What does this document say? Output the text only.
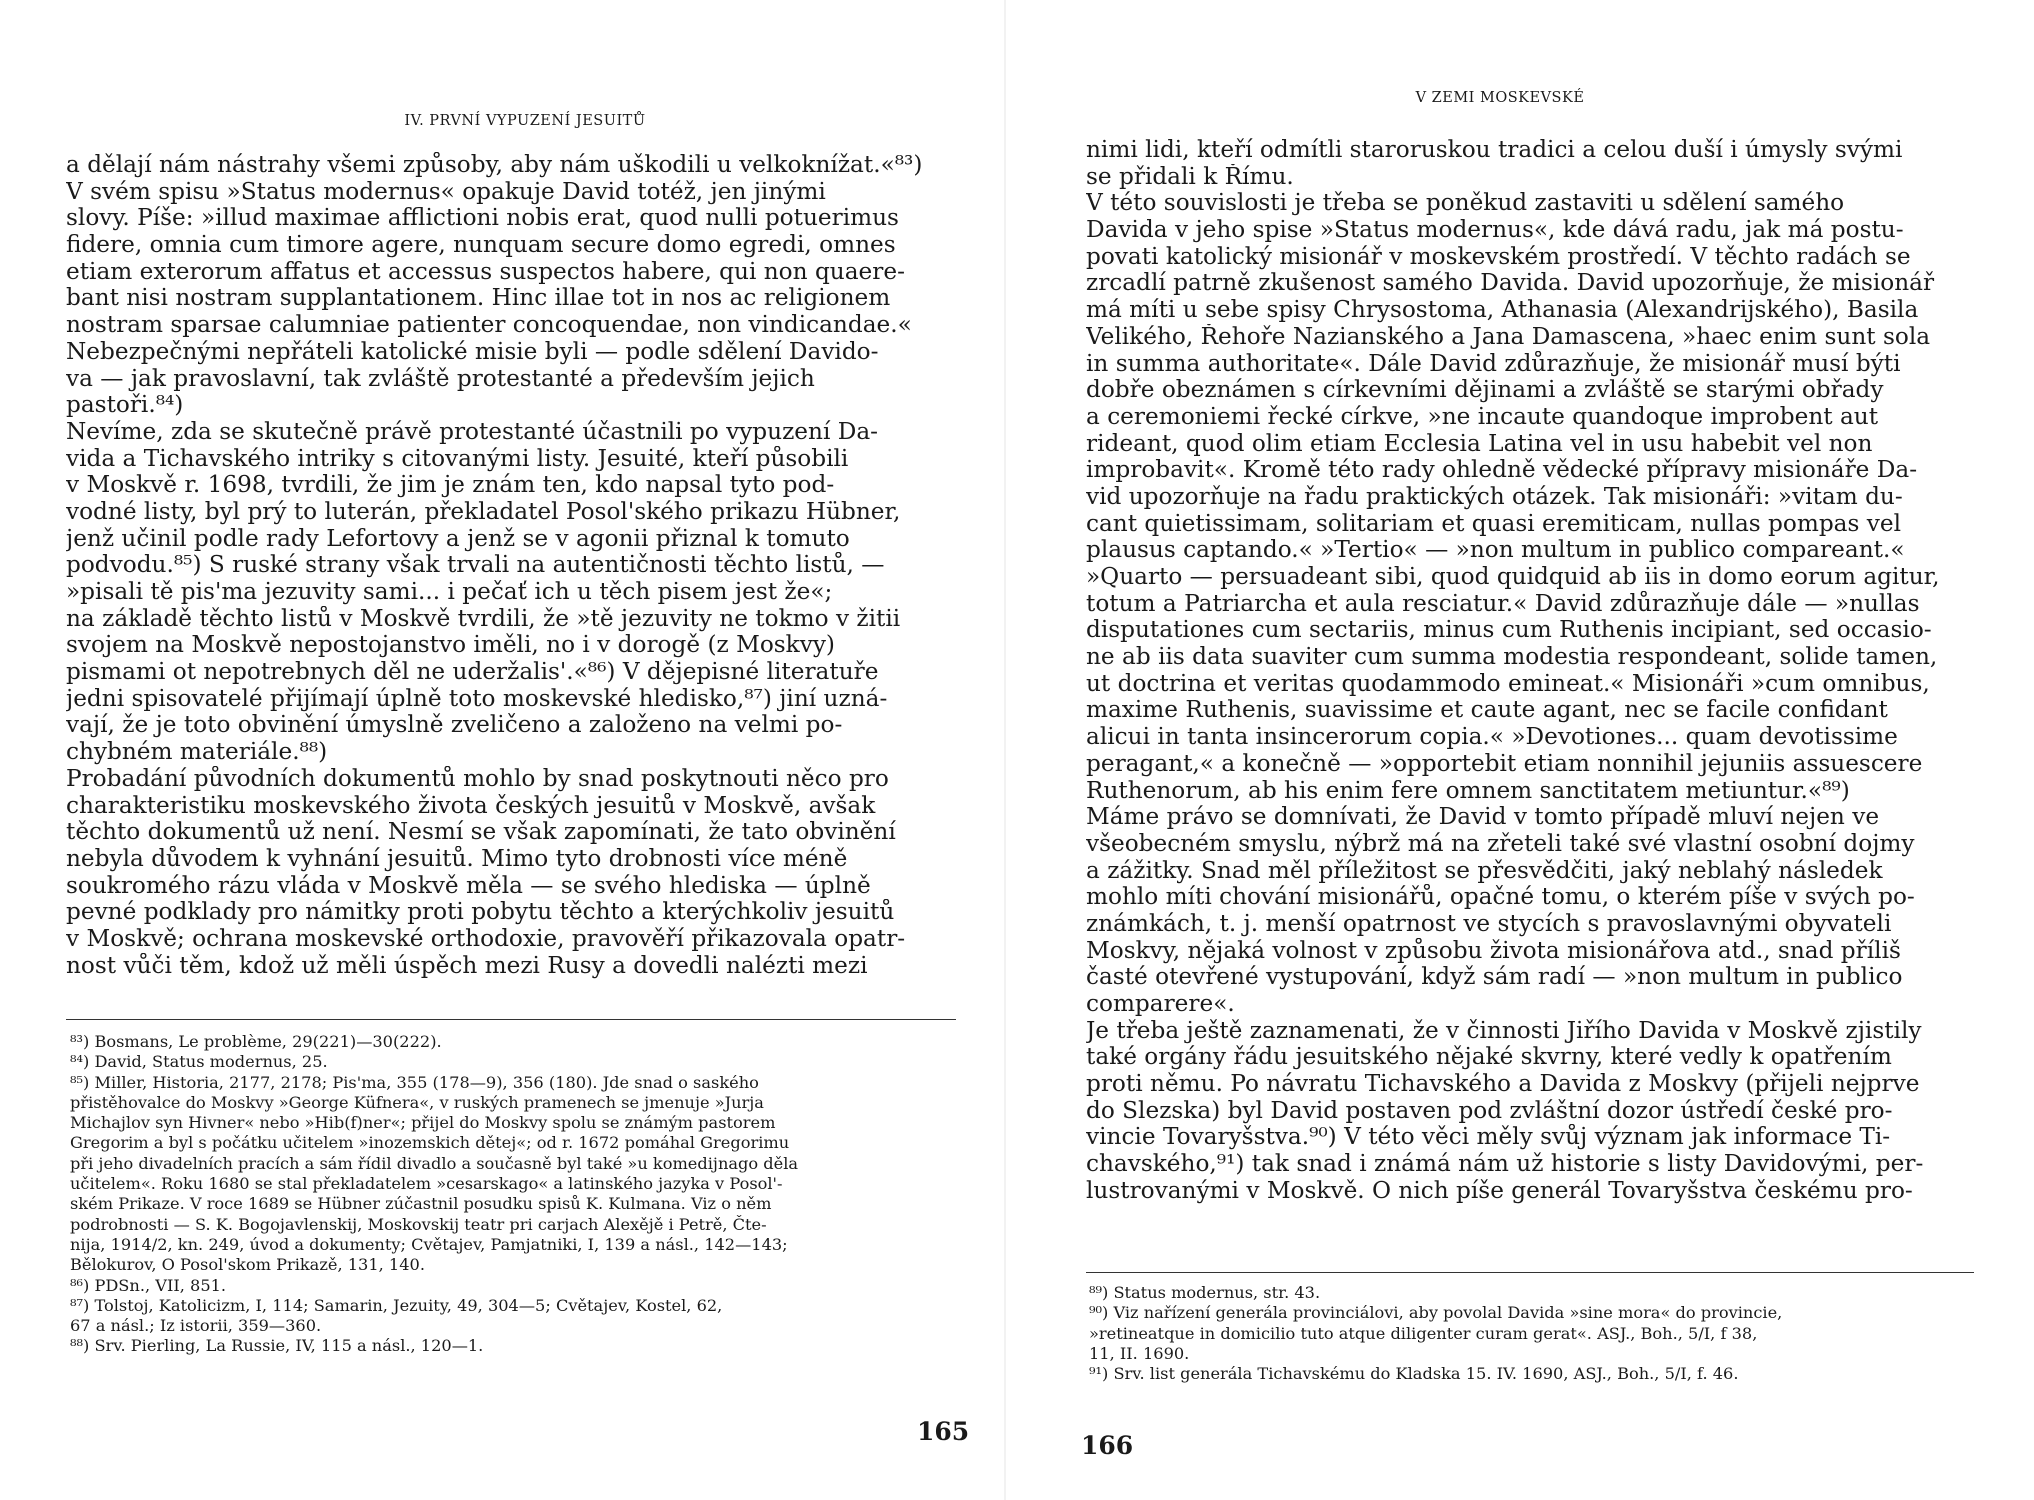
IV. PRVNÍ VYPUZENÍ JESUITŮ
a dělají nám nástrahy všemi způsoby, aby nám uškodili u velkoknížat.«⁸³)
V svém spisu »Status modernus« opakuje David totéž, jen jinými
slovy. Píše: »illud maximae afflictioni nobis erat, quod nulli potuerimus
fidere, omnia cum timore agere, nunquam secure domo egredi, omnes
etiam exterorum affatus et accessus suspectos habere, qui non quaere-
bant nisi nostram supplantationem. Hinc illae tot in nos ac religionem
nostram sparsae calumniae patienter concoquendae, non vindicandae.«
Nebezpečnými nepřáteli katolické misie byli — podle sdělení Davido-
va — jak pravoslavní, tak zvláště protestanté a především jejich
pastoři.⁸⁴)
Nevíme, zda se skutečně právě protestanté účastnili po vypuzení Da-
vida a Tichavského intriky s citovanými listy. Jesuité, kteří působili
v Moskvě r. 1698, tvrdili, že jim je znám ten, kdo napsal tyto pod-
vodné listy, byl prý to luterán, překladatel Posol'ského prikazu Hübner,
jenž učinil podle rady Lefortovy a jenž se v agonii přiznal k tomuto
podvodu.⁸⁵) S ruské strany však trvali na autentičnosti těchto listů, —
»pisali tě pis'ma jezuvity sami... i pečať ich u těch pisem jest že«;
na základě těchto listů v Moskvě tvrdili, že »tě jezuvity ne tokmo v žitii
svojem na Moskvě nepostojanstvo iměli, no i v dorogě (z Moskvy)
pismami ot nepotrebnych děl ne uderžalis'.«⁸⁶) V dějepisné literatuře
jedni spisovatelé přijímají úplně toto moskevské hledisko,⁸⁷) jiní uzná-
vají, že je toto obvinění úmyslně zveličeno a založeno na velmi po-
chybném materiále.⁸⁸)
Probadání původních dokumentů mohlo by snad poskytnouti něco pro
charakteristiku moskevského života českých jesuitů v Moskvě, avšak
těchto dokumentů už není. Nesmí se však zapomínati, že tato obvinění
nebyla důvodem k vyhnání jesuitů. Mimo tyto drobnosti více méně
soukromého rázu vláda v Moskvě měla — se svého hlediska — úplně
pevné podklady pro námitky proti pobytu těchto a kterýchkoliv jesuitů
v Moskvě; ochrana moskevské orthodoxie, pravověří přikazovala opatr-
nost vůči těm, kdož už měli úspěch mezi Rusy a dovedli nalézti mezi
⁸³) Bosmans, Le problème, 29(221)—30(222).
⁸⁴) David, Status modernus, 25.
⁸⁵) Miller, Historia, 2177, 2178; Pis'ma, 355 (178—9), 356 (180). Jde snad o saského
přistěhovalce do Moskvy »George Küfnera«, v ruských pramenech se jmenuje »Jurja
Michajlov syn Hivner« nebo »Hib(f)ner«; přijel do Moskvy spolu se známým pastorem
Gregorim a byl s počátku učitelem »inozemskich dětej«; od r. 1672 pomáhal Gregorimu
při jeho divadelních pracích a sám řídil divadlo a současně byl také »u komedijnago děla
učitelem«. Roku 1680 se stal překladatelem »cesarskago« a latinského jazyka v Posol'-
ském Prikaze. V roce 1689 se Hübner zúčastnil posudku spisů K. Kulmana. Viz o něm
podrobnosti — S. K. Bogojavlenskij, Moskovskij teatr pri carjach Alexějě i Petrě, Čte-
nija, 1914/2, kn. 249, úvod a dokumenty; Cvětajev, Pamjatniki, I, 139 a násl., 142—143;
Bělokurov, O Posol'skom Prikazě, 131, 140.
⁸⁶) PDSn., VII, 851.
⁸⁷) Tolstoj, Katolicizm, I, 114; Samarin, Jezuity, 49, 304—5; Cvětajev, Kostel, 62,
67 a násl.; Iz istorii, 359—360.
⁸⁸) Srv. Pierling, La Russie, IV, 115 a násl., 120—1.
165
V ZEMI MOSKEVSKÉ
nimi lidi, kteří odmítli staroruskou tradici a celou duší i úmysly svými
se přidali k Římu.
V této souvislosti je třeba se poněkud zastaviti u sdělení samého
Davida v jeho spise »Status modernus«, kde dává radu, jak má postu-
povati katolický misionář v moskevském prostředí. V těchto radách se
zrcadlí patrně zkušenost samého Davida. David upozorňuje, že misionář
má míti u sebe spisy Chrysostoma, Athanasia (Alexandrijského), Basila
Velikého, Řehoře Nazianského a Jana Damascena, »haec enim sunt sola
in summa authoritate«. Dále David zdůrazňuje, že misionář musí býti
dobře obeznámen s církevními dějinami a zvláště se starými obřady
a ceremoniemi řecké církve, »ne incaute quandoque improbent aut
rideant, quod olim etiam Ecclesia Latina vel in usu habebit vel non
improbavit«. Kromě této rady ohledně vědecké přípravy misionáře Da-
vid upozorňuje na řadu praktických otázek. Tak misionáři: »vitam du-
cant quietissimam, solitariam et quasi eremiticam, nullas pompas vel
plausus captando.« »Tertio« — »non multum in publico compareant.«
»Quarto — persuadeant sibi, quod quidquid ab iis in domo eorum agitur,
totum a Patriarcha et aula resciatur.« David zdůrazňuje dále — »nullas
disputationes cum sectariis, minus cum Ruthenis incipiant, sed occasio-
ne ab iis data suaviter cum summa modestia respondeant, solide tamen,
ut doctrina et veritas quodammodo emineat.« Misionáři »cum omnibus,
maxime Ruthenis, suavissime et caute agant, nec se facile confidant
alicui in tanta insincerorum copia.« »Devotiones... quam devotissime
peragant,« a konečně — »opportebit etiam nonnihil jejuniis assuescere
Ruthenorum, ab his enim fere omnem sanctitatem metiuntur.«⁸⁹)
Máme právo se domnívati, že David v tomto případě mluví nejen ve
všeobecném smyslu, nýbrž má na zřeteli také své vlastní osobní dojmy
a zážitky. Snad měl příležitost se přesvědčiti, jaký neblahý následek
mohlo míti chování misionářů, opačné tomu, o kterém píše v svých po-
známkách, t. j. menší opatrnost ve stycích s pravoslavnými obyvateli
Moskvy, nějaká volnost v způsobu života misionářova atd., snad příliš
časté otevřené vystupování, když sám radí — »non multum in publico
comparere«.
Je třeba ještě zaznamenati, že v činnosti Jiřího Davida v Moskvě zjistily
také orgány řádu jesuitského nějaké skvrny, které vedly k opatřením
proti němu. Po návratu Tichavského a Davida z Moskvy (přijeli nejprve
do Slezska) byl David postaven pod zvláštní dozor ústředí české pro-
vincie Tovaryšstva.⁹⁰) V této věci měly svůj význam jak informace Ti-
chavského,⁹¹) tak snad i známá nám už historie s listy Davidovými, per-
lustrovanými v Moskvě. O nich píše generál Tovaryšstva českému pro-
⁸⁹) Status modernus, str. 43.
⁹⁰) Viz nařízení generála provinciálovi, aby povolal Davida »sine mora« do provincie,
»retineatque in domicilio tuto atque diligenter curam gerat«. ASJ., Boh., 5/I, f 38,
11, II. 1690.
⁹¹) Srv. list generála Tichavskému do Kladska 15. IV. 1690, ASJ., Boh., 5/I, f. 46.
166
